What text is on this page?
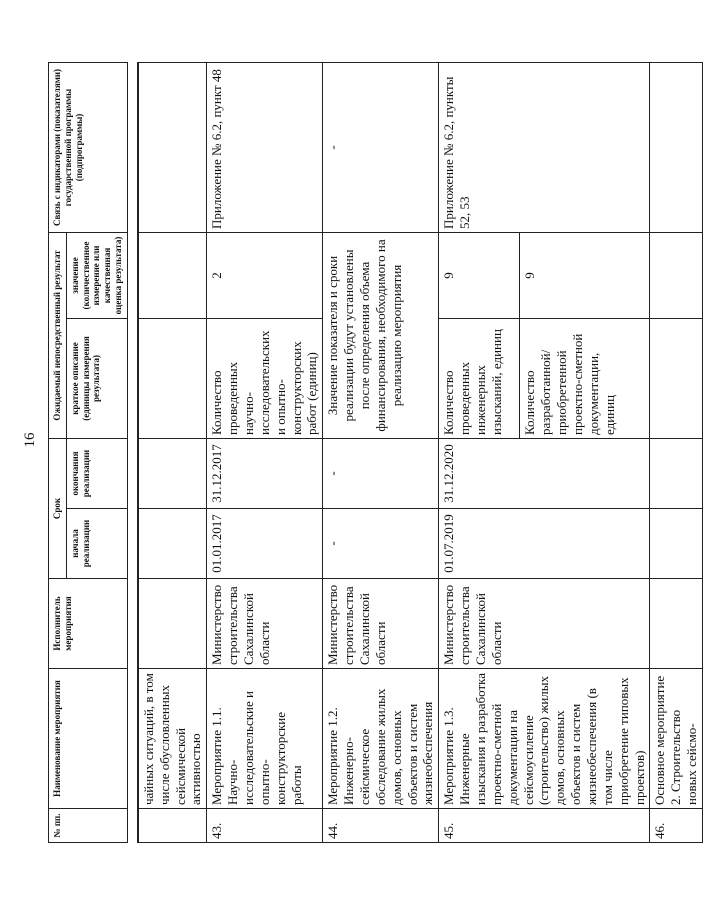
16
№ пп.	Наименование мероприятия	Исполнитель мероприятия	Срок		Ожидаемый непосредственный результат		Связь с индикаторами (показателями) государственной программы (подпрограммы)
			начала реализации	окончания реализации	краткое описание (единицы измерения результата)	значение (количественное измерение или качественная оценка результата)	

	чайных ситуаций, в том числе обусловленных сейсмической активностью						
43.	Мероприятие 1.1. Научно-исследовательские и опытно-конструкторские работы	Министерство строительства Сахалинской области	01.01.2017	31.12.2017	Количество проведенных научно-исследовательских и опытно-конструкторских работ (единиц)	2	Приложение № 6.2, пункт 48
44.	Мероприятие 1.2. Инженерно-сейсмическое обследование жилых домов, основных объектов и систем жизнеобеспечения	Министерство строительства Сахалинской области	-	-	Значение показателя и сроки реализации будут установлены после определения объема финансирования, необходимого на реализацию мероприятия		-
45.	Мероприятие 1.3. Инженерные изыскания и разработка проектно-сметной документации на сейсмоусиление (строительство) жилых домов, основных объектов и систем жизнеобеспечения (в том числе приобретение типовых проектов)	Министерство строительства Сахалинской области	01.07.2019	31.12.2020	Количество проведенных инженерных изысканий, единиц	9	Приложение № 6.2, пункты 52, 53
					Количество разработанной/ приобретенной проектно-сметной документации, единиц	9	
46.	Основное мероприятие 2. Строительство новых сейсмо-						
